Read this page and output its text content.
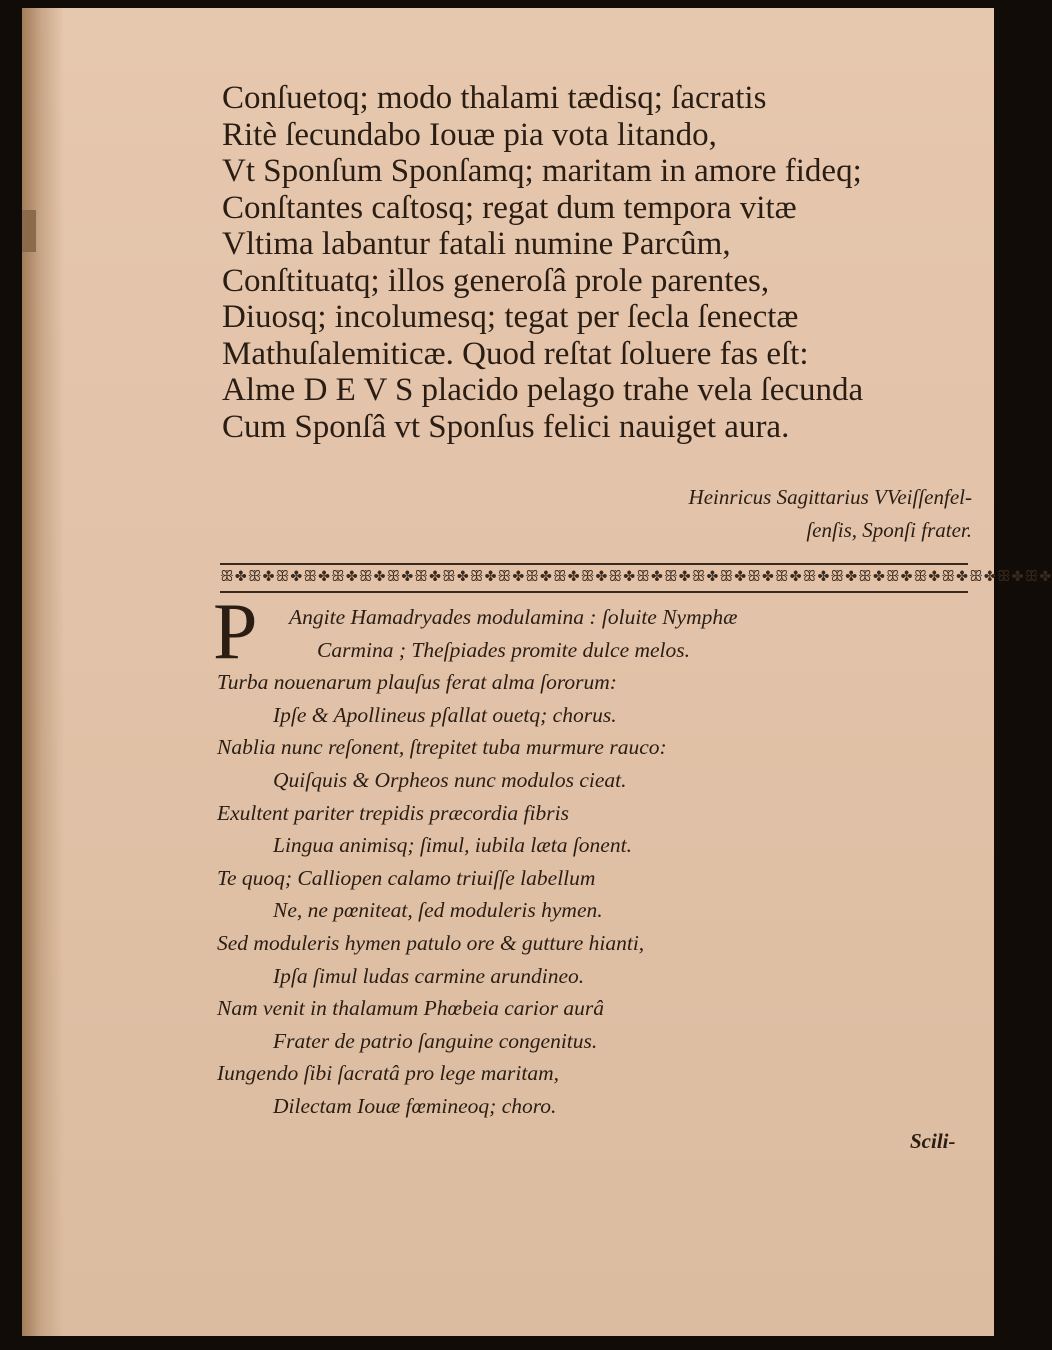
Conſuetoq; modo thalami tædisq; ſacratis
Ritè ſecundabo Iouæ pia vota litando,
Vt Sponſum Sponſamq; maritam in amore fideq;
Conſtantes caſtosq; regat dum tempora vitæ
Vltima labantur fatali numine Parcûm,
Conſtituatq; illos generoſâ prole parentes,
Diuosq; incolumesq; tegat per ſecla ſenectæ
Mathuſalemiticæ. Quod reſtat ſoluere fas eſt:
Alme D E V S placido pelago trahe vela ſecunda
Cum Sponſâ vt Sponſus felici nauiget aura.
Heinricus Sagittarius VVeiſſenfel-
ſenſis, Sponſi frater.
ꕥ✤ꕥ✤ꕥ✤ꕥ✤ꕥ✤ꕥ✤ꕥ✤ꕥ✤ꕥ✤ꕥ✤ꕥ✤ꕥ✤ꕥ✤ꕥ✤ꕥ✤ꕥ✤ꕥ✤ꕥ✤ꕥ✤ꕥ✤ꕥ✤ꕥ✤ꕥ✤ꕥ✤ꕥ✤ꕥ✤ꕥ✤ꕥ✤ꕥ✤ꕥ✤
P	Angite Hamadryades modulamina : ſoluite Nymphæ
Carmina ; Theſpiades promite dulce melos.
Turba nouenarum plauſus ferat alma ſororum:
Ipſe & Apollineus pſallat ouetq; chorus.
Nablia nunc reſonent, ſtrepitet tuba murmure rauco:
Quiſquis & Orpheos nunc modulos cieat.
Exultent pariter trepidis præcordia fibris
Lingua animisq; ſimul, iubila læta ſonent.
Te quoq; Calliopen calamo triuiſſe labellum
Ne, ne pœniteat, ſed moduleris hymen.
Sed moduleris hymen patulo ore & gutture hianti,
Ipſa ſimul ludas carmine arundineo.
Nam venit in thalamum Phœbeia carior aurâ
Frater de patrio ſanguine congenitus.
Iungendo ſibi ſacratâ pro lege maritam,
Dilectam Iouæ fœmineoq; choro.
Scili-
